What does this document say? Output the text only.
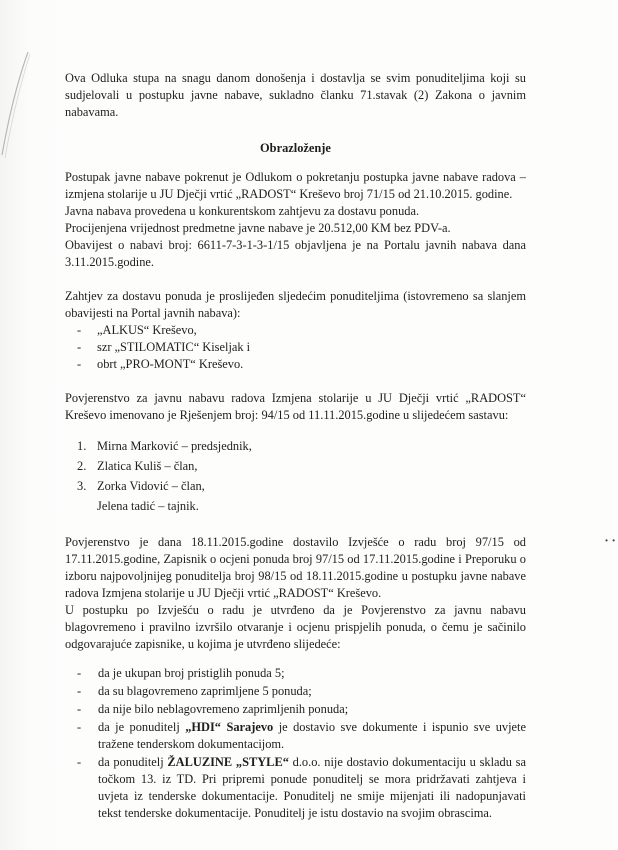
• •

Ova Odluka stupa na snagu danom donošenja i dostavlja se svim ponuditeljima koji su sudjelovali u postupku javne nabave, sukladno članku 71.stavak (2) Zakona o javnim nabavama.

Obrazloženje

Postupak javne nabave pokrenut je Odlukom o pokretanju postupka javne nabave radova – izmjena stolarije u JU Dječji vrtić „RADOST“ Kreševo broj 71/15 od 21.10.2015. godine.

Javna nabava provedena u konkurentskom zahtjevu za dostavu ponuda.

Procijenjena vrijednost predmetne javne nabave je 20.512,00 KM bez PDV-a.

Obavijest o nabavi broj: 6611-7-3-1-3-1/15 objavljena je na Portalu javnih nabava dana 3.11.2015.godine.

Zahtjev za dostavu ponuda je proslijeđen sljedećim ponuditeljima (istovremeno sa slanjem obavijesti na Portal javnih nabava):

- „ALKUS“ Kreševo,
- szr „STILOMATIC“ Kiseljak i
- obrt „PRO-MONT“ Kreševo.

Povjerenstvo za javnu nabavu radova Izmjena stolarije u JU Dječji vrtić „RADOST“ Kreševo imenovano je Rješenjem broj: 94/15 od 11.11.2015.godine u slijedećem sastavu:

1. Mirna Marković – predsjednik,
2. Zlatica Kuliš – član,
3. Zorka Vidović – član,
Jelena tadić – tajnik.

Povjerenstvo je dana 18.11.2015.godine dostavilo Izvješće o radu broj 97/15 od 17.11.2015.godine, Zapisnik o ocjeni ponuda broj 97/15 od 17.11.2015.godine i Preporuku o izboru najpovoljnijeg ponuditelja broj 98/15 od 18.11.2015.godine u postupku javne nabave radova Izmjena stolarije u JU Dječji vrtić „RADOST“ Kreševo.

U postupku po Izvješću o radu je utvrđeno da je Povjerenstvo za javnu nabavu blagovremeno i pravilno izvršilo otvaranje i ocjenu prispjelih ponuda, o čemu je sačinilo odgovarajuće zapisnike, u kojima je utvrđeno slijedeće:

- da je ukupan broj pristiglih ponuda 5;
- da su blagovremeno zaprimljene 5 ponuda;
- da nije bilo neblagovremeno zaprimljenih ponuda;
- da je ponuditelj „HDI“ Sarajevo je dostavio sve dokumente i ispunio sve uvjete tražene tenderskom dokumentacijom.
- da ponuditelj ŽALUZINE „STYLE“ d.o.o. nije dostavio dokumentaciju u skladu sa točkom 13. iz TD. Pri pripremi ponude ponuditelj se mora pridržavati zahtjeva i uvjeta iz tenderske dokumentacije. Ponuditelj ne smije mijenjati ili nadopunjavati tekst tenderske dokumentacije. Ponuditelj je istu dostavio na svojim obrascima.
